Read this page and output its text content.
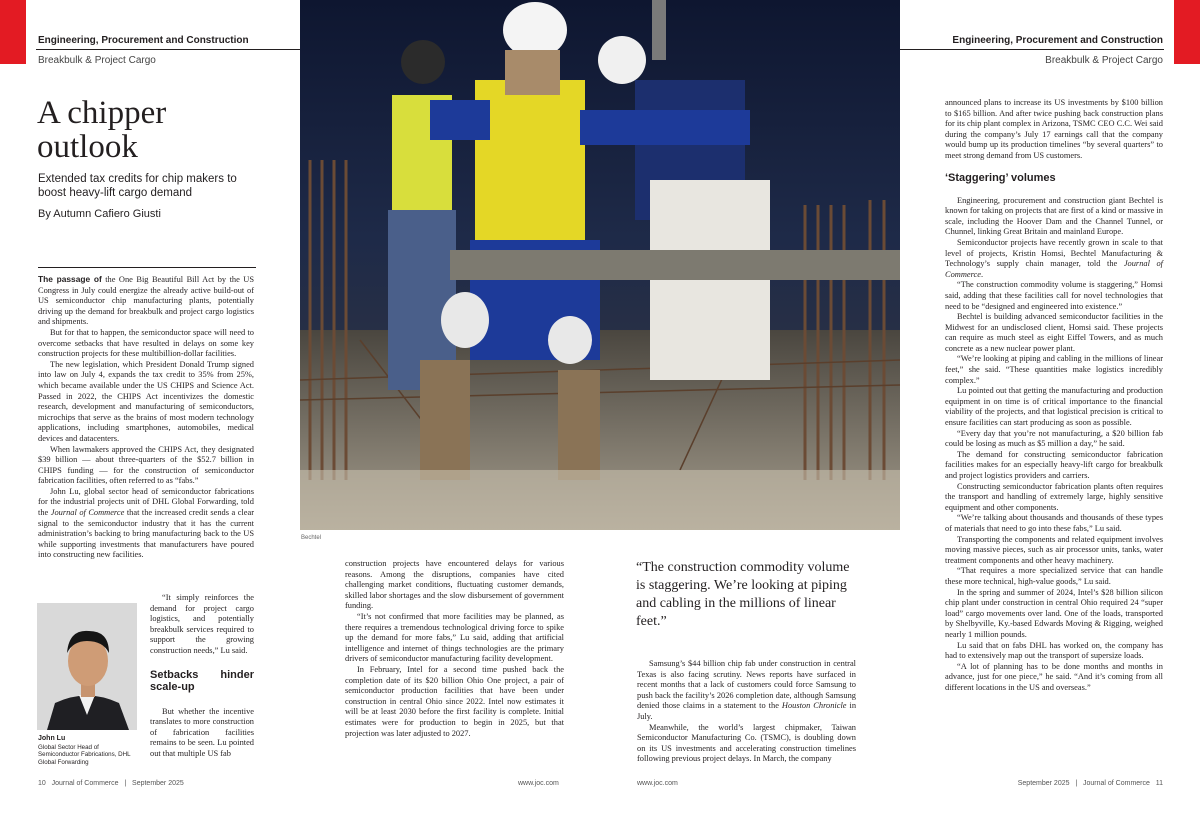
Engineering, Procurement and Construction
Breakbulk & Project Cargo
Engineering, Procurement and Construction
Breakbulk & Project Cargo
A chipper
outlook
Extended tax credits for chip makers to boost heavy-lift cargo demand
By Autumn Cafiero Giusti
Bechtel

The passage of the One Big Beautiful Bill Act by the US Congress in July could energize the already active build-out of US semiconductor chip manufacturing plants, potentially driving up the demand for breakbulk and project cargo logistics and shipments.

But for that to happen, the semiconductor space will need to overcome setbacks that have resulted in delays on some key construction projects for these multibillion-dollar facilities.

The new legislation, which President Donald Trump signed into law on July 4, expands the tax credit to 35% from 25%, which became available under the US CHIPS and Science Act. Passed in 2022, the CHIPS Act incentivizes the domestic research, development and manufacturing of semiconductors, microchips that serve as the brains of most modern technology applications, including smartphones, automobiles, medical devices and datacenters.

When lawmakers approved the CHIPS Act, they designated $39 billion — about three-quarters of the $52.7 billion in CHIPS funding — for the construction of semiconductor fabrication facilities, often referred to as “fabs.”

John Lu, global sector head of semiconductor fabrications for the industrial projects unit of DHL Global Forwarding, told the Journal of Commerce that the increased credit sends a clear signal to the semiconductor industry that it has the current administration’s backing to bring manufacturing back to the US while supporting investments that manufacturers have poured into constructing new facilities.

John Lu
Global Sector Head of Semiconductor Fabrications, DHL Global Forwarding

“It simply reinforces the demand for project cargo logistics, and potentially breakbulk services required to support the growing construction needs,” Lu said.

Setbacks hinder scale-up

But whether the incentive translates to more construction of fabrication facilities remains to be seen. Lu pointed out that multiple US fab

construction projects have encountered delays for various reasons. Among the disruptions, companies have cited challenging market conditions, fluctuating customer demands, skilled labor shortages and the slow disbursement of government funding.

“It’s not confirmed that more facilities may be planned, as there requires a tremendous technological driving force to spike up the demand for more fabs,” Lu said, adding that artificial intelligence and internet of things technologies are the primary drivers of semiconductor manufacturing facility development.

In February, Intel for a second time pushed back the completion date of its $20 billion Ohio One project, a pair of semiconductor production facilities that have been under construction in central Ohio since 2022. Intel now estimates it will be at least 2030 before the first facility is complete. Initial estimates were for production to begin in 2025, but that projection was later adjusted to 2027.

“The construction commodity volume is staggering. We’re looking at piping and cabling in the millions of linear feet.”

Samsung’s $44 billion chip fab under construction in central Texas is also facing scrutiny. News reports have surfaced in recent months that a lack of customers could force Samsung to push back the facility’s 2026 completion date, although Samsung denied those claims in a statement to the Houston Chronicle in July.

Meanwhile, the world’s largest chipmaker, Taiwan Semiconductor Manufacturing Co. (TSMC), is doubling down on its US investments and accelerating construction timelines following previous project delays. In March, the company

announced plans to increase its US investments by $100 billion to $165 billion. And after twice pushing back construction plans for its chip plant complex in Arizona, TSMC CEO C.C. Wei said during the company’s July 17 earnings call that the company would bump up its production timelines “by several quarters” to meet strong demand from US customers.

‘Staggering’ volumes

Engineering, procurement and construction giant Bechtel is known for taking on projects that are first of a kind or massive in scale, including the Hoover Dam and the Channel Tunnel, or Chunnel, linking Great Britain and mainland Europe.

Semiconductor projects have recently grown in scale to that level of projects, Kristin Homsi, Bechtel Manufacturing & Technology’s supply chain manager, told the Journal of Commerce.

“The construction commodity volume is staggering,” Homsi said, adding that these facilities call for novel technologies that need to be “designed and engineered into existence.”

Bechtel is building advanced semiconductor facilities in the Midwest for an undisclosed client, Homsi said. These projects can require as much steel as eight Eiffel Towers, and as much concrete as a new nuclear power plant.

“We’re looking at piping and cabling in the millions of linear feet,” she said. “These quantities make logistics incredibly complex.”

Lu pointed out that getting the manufacturing and production equipment in on time is of critical importance to the financial viability of the projects, and that logistical precision is critical to ensure facilities can start producing as soon as possible.

“Every day that you’re not manufacturing, a $20 billion fab could be losing as much as $5 million a day,” he said.

The demand for constructing semiconductor fabrication facilities makes for an especially heavy-lift cargo for breakbulk and project logistics providers and carriers.

Constructing semiconductor fabrication plants often requires the transport and handling of extremely large, highly sensitive equipment and other components.

“We’re talking about thousands and thousands of these types of materials that need to go into these fabs,” Lu said.

Transporting the components and related equipment involves moving massive pieces, such as air processor units, tanks, water treatment components and other heavy machinery.

“That requires a more specialized service that can handle these more technical, high-value goods,” Lu said.

In the spring and summer of 2024, Intel’s $28 billion silicon chip plant under construction in central Ohio required 24 “super load” cargo movements over land. One of the loads, transported by Shelbyville, Ky.-based Edwards Moving & Rigging, weighed nearly 1 million pounds.

Lu said that on fabs DHL has worked on, the company has had to extensively map out the transport of supersize loads.

“A lot of planning has to be done months and months in advance, just for one piece,” he said. “And it’s coming from all different locations in the US and overseas.”

10   Journal of Commerce   |   September 2025	www.joc.com	www.joc.com	September 2025   |   Journal of Commerce   11
